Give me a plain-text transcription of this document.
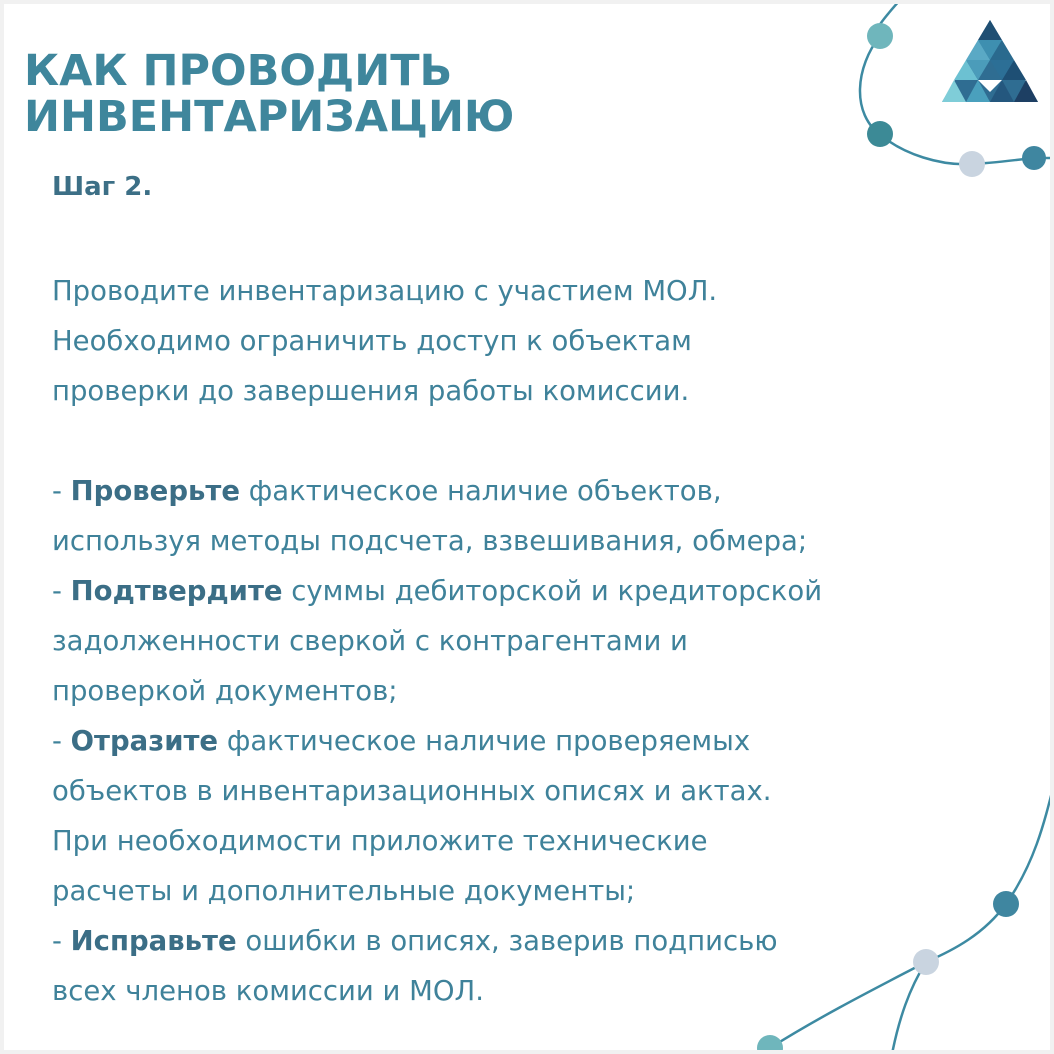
КАК ПРОВОДИТЬ
ИНВЕНТАРИЗАЦИЮ
Шаг 2.

Проводите инвентаризацию с участием МОЛ.

Необходимо ограничить доступ к объектам

проверки до завершения работы комиссии.

- Проверьте фактическое наличие объектов,

используя методы подсчета, взвешивания, обмера;

- Подтвердите суммы дебиторской и кредиторской

задолженности сверкой с контрагентами и

проверкой документов;

- Отразите фактическое наличие проверяемых

объектов в инвентаризационных описях и актах.

При необходимости приложите технические

расчеты и дополнительные документы;

- Исправьте ошибки в описях, заверив подписью

всех членов комиссии и МОЛ.
